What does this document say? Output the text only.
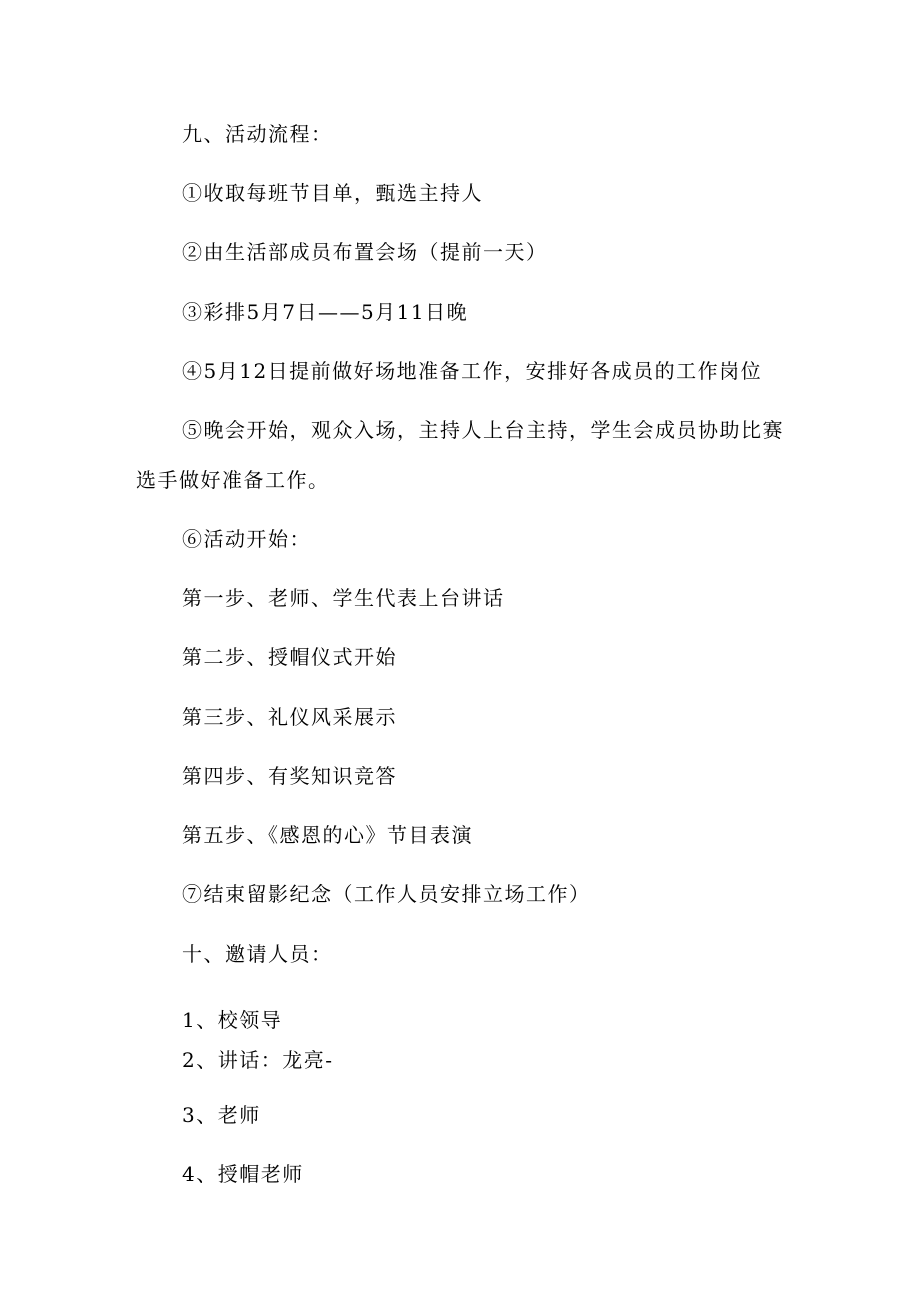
九、活动流程：
①收取每班节目单，甄选主持人
②由生活部成员布置会场（提前一天）
③彩排5月7日——5月11日晚
④5月12日提前做好场地准备工作，安排好各成员的工作岗位
⑤晚会开始，观众入场，主持人上台主持，学生会成员协助比赛选手做好准备工作。
⑥活动开始：
第一步、老师、学生代表上台讲话
第二步、授帽仪式开始
第三步、礼仪风采展示
第四步、有奖知识竞答
第五步、《感恩的心》节目表演
⑦结束留影纪念（工作人员安排立场工作）
十、邀请人员：
1、校领导
2、讲话：龙亮-
3、老师
4、授帽老师
